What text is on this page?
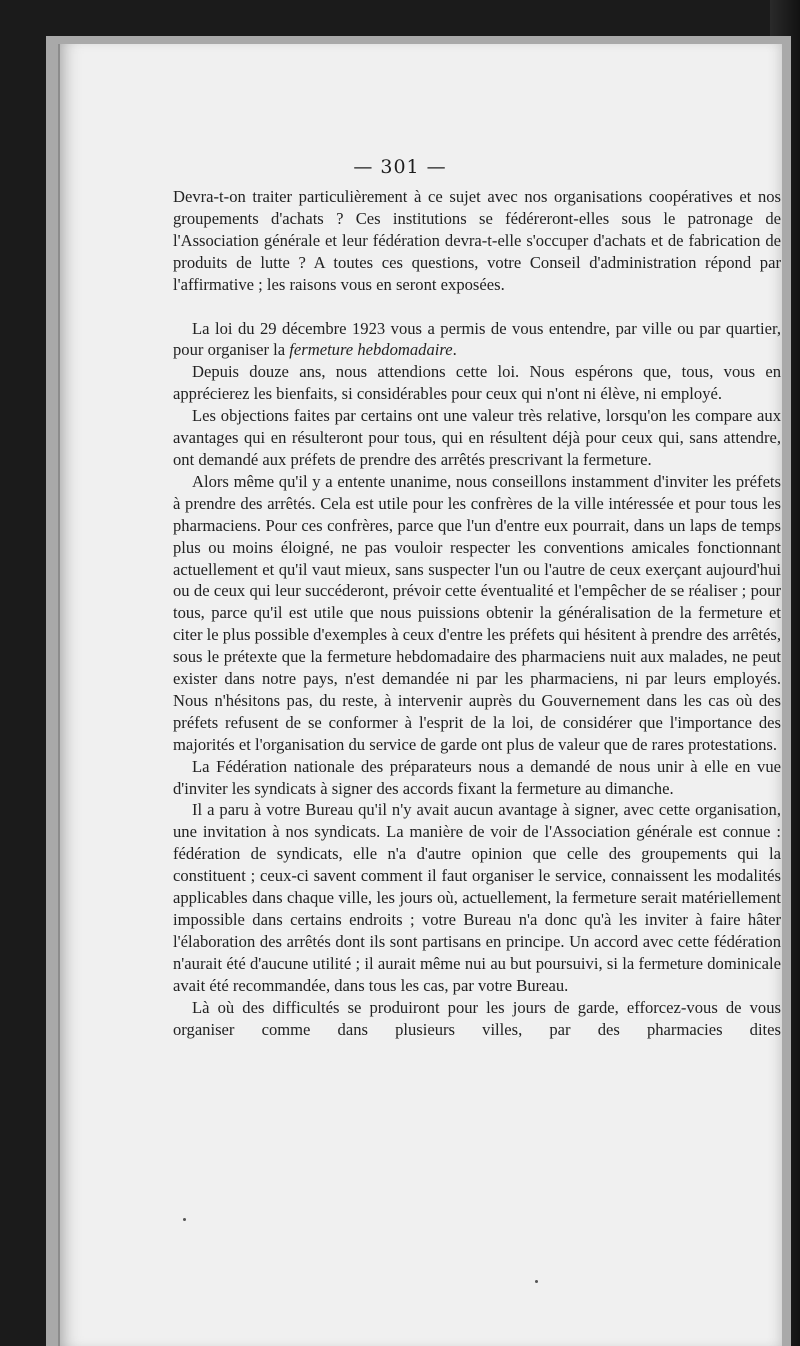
— 301 —

Devra-t-on traiter particulièrement à ce sujet avec nos organisations coopératives et nos groupements d'achats ? Ces institutions se fédéreront-elles sous le patronage de l'Association générale et leur fédération devra-t-elle s'occuper d'achats et de fabrication de produits de lutte ? A toutes ces questions, votre Conseil d'administration répond par l'affirmative ; les raisons vous en seront exposées.

La loi du 29 décembre 1923 vous a permis de vous entendre, par ville ou par quartier, pour organiser la fermeture hebdomadaire.

Depuis douze ans, nous attendions cette loi. Nous espérons que, tous, vous en apprécierez les bienfaits, si considérables pour ceux qui n'ont ni élève, ni employé.

Les objections faites par certains ont une valeur très relative, lorsqu'on les compare aux avantages qui en résulteront pour tous, qui en résultent déjà pour ceux qui, sans attendre, ont demandé aux préfets de prendre des arrêtés prescrivant la fermeture.

Alors même qu'il y a entente unanime, nous conseillons instamment d'inviter les préfets à prendre des arrêtés. Cela est utile pour les confrères de la ville intéressée et pour tous les pharmaciens. Pour ces confrères, parce que l'un d'entre eux pourrait, dans un laps de temps plus ou moins éloigné, ne pas vouloir respecter les conventions amicales fonctionnant actuellement et qu'il vaut mieux, sans suspecter l'un ou l'autre de ceux exerçant aujourd'hui ou de ceux qui leur succéderont, prévoir cette éventualité et l'empêcher de se réaliser ; pour tous, parce qu'il est utile que nous puissions obtenir la généralisation de la fermeture et citer le plus possible d'exemples à ceux d'entre les préfets qui hésitent à prendre des arrêtés, sous le prétexte que la fermeture hebdomadaire des pharmaciens nuit aux malades, ne peut exister dans notre pays, n'est demandée ni par les pharmaciens, ni par leurs employés. Nous n'hésitons pas, du reste, à intervenir auprès du Gouvernement dans les cas où des préfets refusent de se conformer à l'esprit de la loi, de considérer que l'importance des majorités et l'organisation du service de garde ont plus de valeur que de rares protestations.

La Fédération nationale des préparateurs nous a demandé de nous unir à elle en vue d'inviter les syndicats à signer des accords fixant la fermeture au dimanche.

Il a paru à votre Bureau qu'il n'y avait aucun avantage à signer, avec cette organisation, une invitation à nos syndicats. La manière de voir de l'Association générale est connue : fédération de syndicats, elle n'a d'autre opinion que celle des groupements qui la constituent ; ceux-ci savent comment il faut organiser le service, connaissent les modalités applicables dans chaque ville, les jours où, actuellement, la fermeture serait matériellement impossible dans certains endroits ; votre Bureau n'a donc qu'à les inviter à faire hâter l'élaboration des arrêtés dont ils sont partisans en principe. Un accord avec cette fédération n'aurait été d'aucune utilité ; il aurait même nui au but poursuivi, si la fermeture dominicale avait été recommandée, dans tous les cas, par votre Bureau.

Là où des difficultés se produiront pour les jours de garde, efforcez-vous de vous organiser comme dans plusieurs villes, par des pharmacies dites
